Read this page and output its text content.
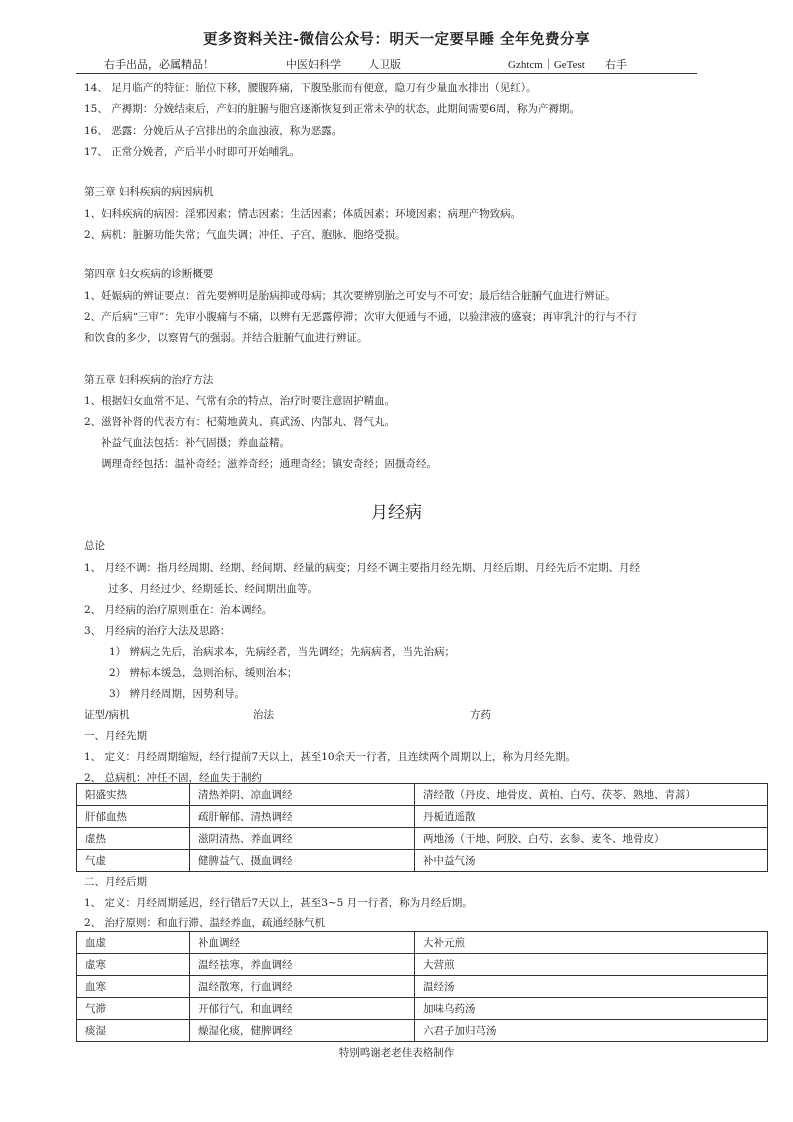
更多资料关注-微信公众号：明天一定要早睡 全年免费分享
右手出品，必属精品！	中医妇科学 人卫版	Gzhtcm｜GeTest 右手
14、 足月临产的特征：胎位下移，腰腹阵痛，下腹坠胀而有便意，隐刀有少量血水排出（见红）。
15、 产褥期：分娩结束后，产妇的脏腑与胞宫逐渐恢复到正常未孕的状态，此期间需要6周，称为产褥期。
16、 恶露：分娩后从子宫排出的余血浊液，称为恶露。
17、 正常分娩者，产后半小时即可开始哺乳。
第三章 妇科疾病的病因病机
1、妇科疾病的病因：淫邪因素；情志因素；生活因素；体质因素；环境因素；病理产物致病。
2、病机：脏腑功能失常；气血失调；冲任、子宫、胞脉、胞络受损。
第四章 妇女疾病的诊断概要
1、妊娠病的辨证要点：首先要辨明是胎病抑或母病；其次要辨别胎之可安与不可安；最后结合脏腑气血进行辨证。
2、产后病“三审”：先审小腹痛与不痛，以辨有无恶露停滞；次审大便通与不通，以验津液的盛衰；再审乳汁的行与不行
和饮食的多少，以察胃气的强弱。并结合脏腑气血进行辨证。
第五章 妇科疾病的治疗方法
1、根据妇女血常不足、气常有余的特点，治疗时要注意固护精血。
2、滋肾补肾的代表方有：杞菊地黄丸、真武汤、内郜丸、肾气丸。
补益气血法包括：补气固摄；养血益精。
调理奇经包括：温补奇经；滋养奇经；通理奇经；镇安奇经；固摄奇经。
月经病
总论
1、 月经不调：指月经周期、经期、经间期、经量的病变；月经不调主要指月经先期、月经后期、月经先后不定期、月经
过多、月经过少、经期延长、经间期出血等。
2、 月经病的治疗原则重在：治本调经。
3、 月经病的治疗大法及思路：
1） 辨病之先后，治病求本，先病经者，当先调经；先病病者，当先治病；
2） 辨标本缓急，急则治标，缓则治本；
3） 辨月经周期，因势利导。
证型/病机	治法	方药
一、月经先期
1、 定义：月经周期缩短，经行提前7天以上，甚至10余天一行者，且连续两个周期以上，称为月经先期。
2、 总病机：冲任不固，经血失于制约
阳盛实热	清热养阴、凉血调经	清经散（丹皮、地骨皮、黄柏、白芍、茯苓、熟地、青蒿）
肝郁血热	疏肝解郁、清热调经	丹栀逍遥散
虚热	滋阴清热、养血调经	两地汤（干地、阿胶、白芍、玄参、麦冬、地骨皮）
气虚	健脾益气、摄血调经	补中益气汤
二、月经后期
1、 定义：月经周期延迟，经行错后7天以上，甚至3~5 月一行者，称为月经后期。
2、 治疗原则：和血行滞、温经养血，疏通经脉气机
血虚	补血调经	大补元煎
虚寒	温经祛寒，养血调经	大营煎
血寒	温经散寒，行血调经	温经汤
气滞	开郁行气，和血调经	加味乌药汤
痰湿	燥湿化痰，健脾调经	六君子加归芎汤
特别鸣谢老老佳表格制作
